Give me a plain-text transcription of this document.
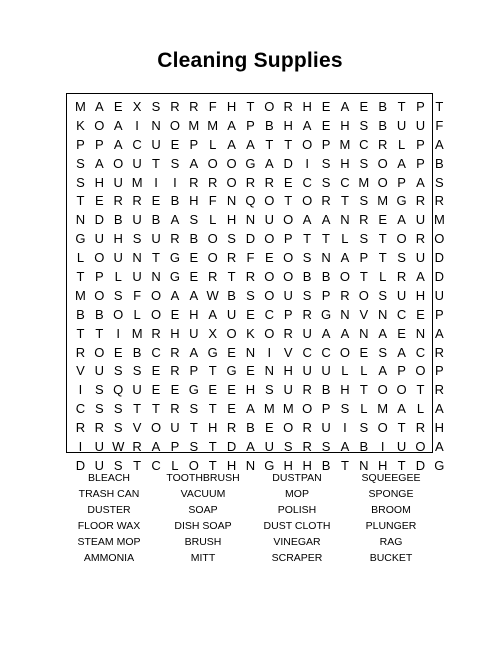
Cleaning Supplies
M A E X S R R F H T O R H E A E B T P T
K O A I N O M M A P B H A E H S B U U F
P P A C U E P L A A T T O P M C R L P A
S A O U T S A O O G A D I S H S O A P B
S H U M I	I R R O R R E C S C M O P A S
T E R R E B H F N Q O T O R T S M G R R
N D B U B A S L H N U O A A N R E A U M
G U H S U R B O S D O P T T L S T O R O
L O U N T G E O R F E O S N A P T S U D
T P L U N G E R T R O O B B O T L R A D
M O S F O A A W B S O U S P R O S U H U
B B O L O E H A U E C P R G N V N C E P
T T	I M R H U X O K O R U A A N A E N A
R O E B C R A G E N I V C C O E S A C R
V U S S E R P T G E N H U U L L A P O P
I S Q U E E G E E H S U R B H T O O T R
C S S T T R S T E A M M O P S L M A L A
R R S V O U T H R B E O R U I S O T R H
I U W R A P S T D A U S R S A B I U O A
D U S T C L O T H N G H H B T N H T D G
BLEACH	TOOTHBRUSH	DUSTPAN	SQUEEGEE
TRASH CAN	VACUUM	MOP	SPONGE
DUSTER	SOAP	POLISH	BROOM
FLOOR WAX	DISH SOAP	DUST CLOTH	PLUNGER
STEAM MOP	BRUSH	VINEGAR	RAG
AMMONIA	MITT	SCRAPER	BUCKET
